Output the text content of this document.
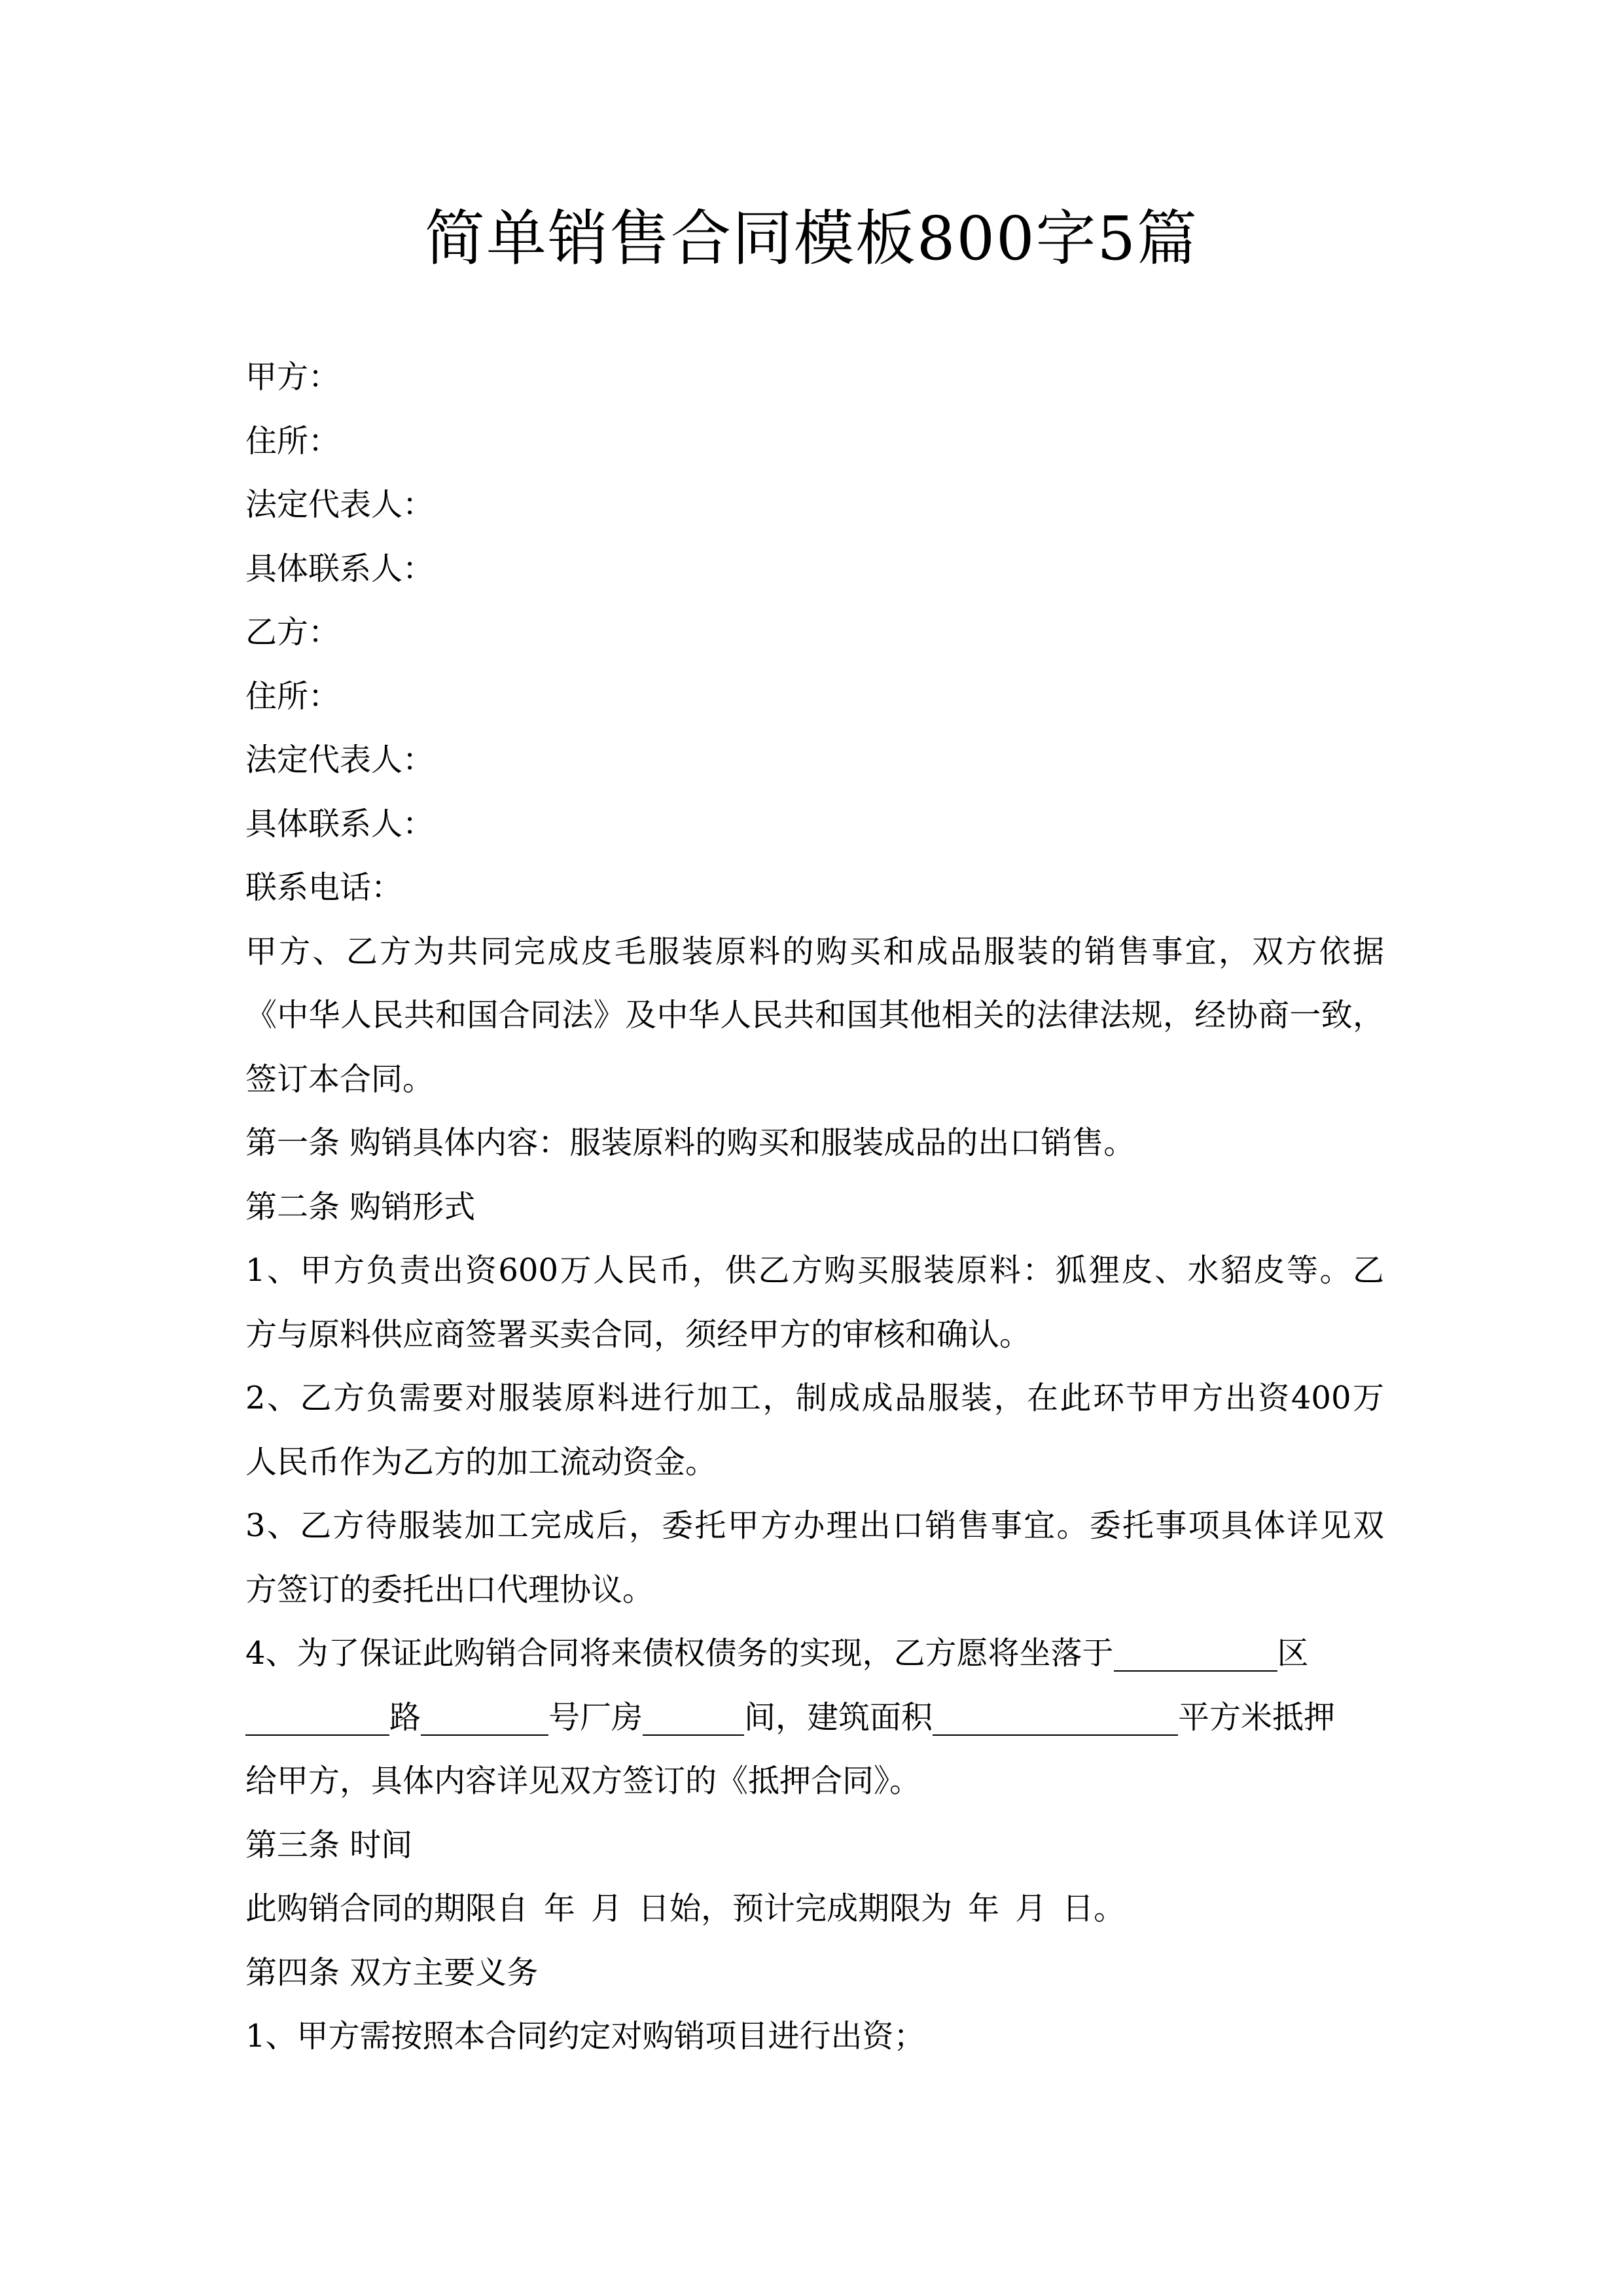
简单销售合同模板800字5篇
甲方：
住所：
法定代表人：
具体联系人：
乙方：
住所：
法定代表人：
具体联系人：
联系电话：
甲方、乙方为共同完成皮毛服装原料的购买和成品服装的销售事宜，双方依据
《中华人民共和国合同法》及中华人民共和国其他相关的法律法规，经协商一致，
签订本合同。
第一条 购销具体内容：服装原料的购买和服装成品的出口销售。
第二条 购销形式
1、甲方负责出资600万人民币，供乙方购买服装原料：狐狸皮、水貂皮等。乙
方与原料供应商签署买卖合同，须经甲方的审核和确认。
2、乙方负需要对服装原料进行加工，制成成品服装，在此环节甲方出资400万
人民币作为乙方的加工流动资金。
3、乙方待服装加工完成后，委托甲方办理出口销售事宜。委托事项具体详见双
方签订的委托出口代理协议。
4、为了保证此购销合同将来债权债务的实现，乙方愿将坐落于	区
路	号厂房	间，建筑面积	平方米抵押
给甲方，具体内容详见双方签订的《抵押合同》。
第三条 时间
此购销合同的期限自 年 月 日始，预计完成期限为 年 月 日。
第四条 双方主要义务
1、甲方需按照本合同约定对购销项目进行出资；
